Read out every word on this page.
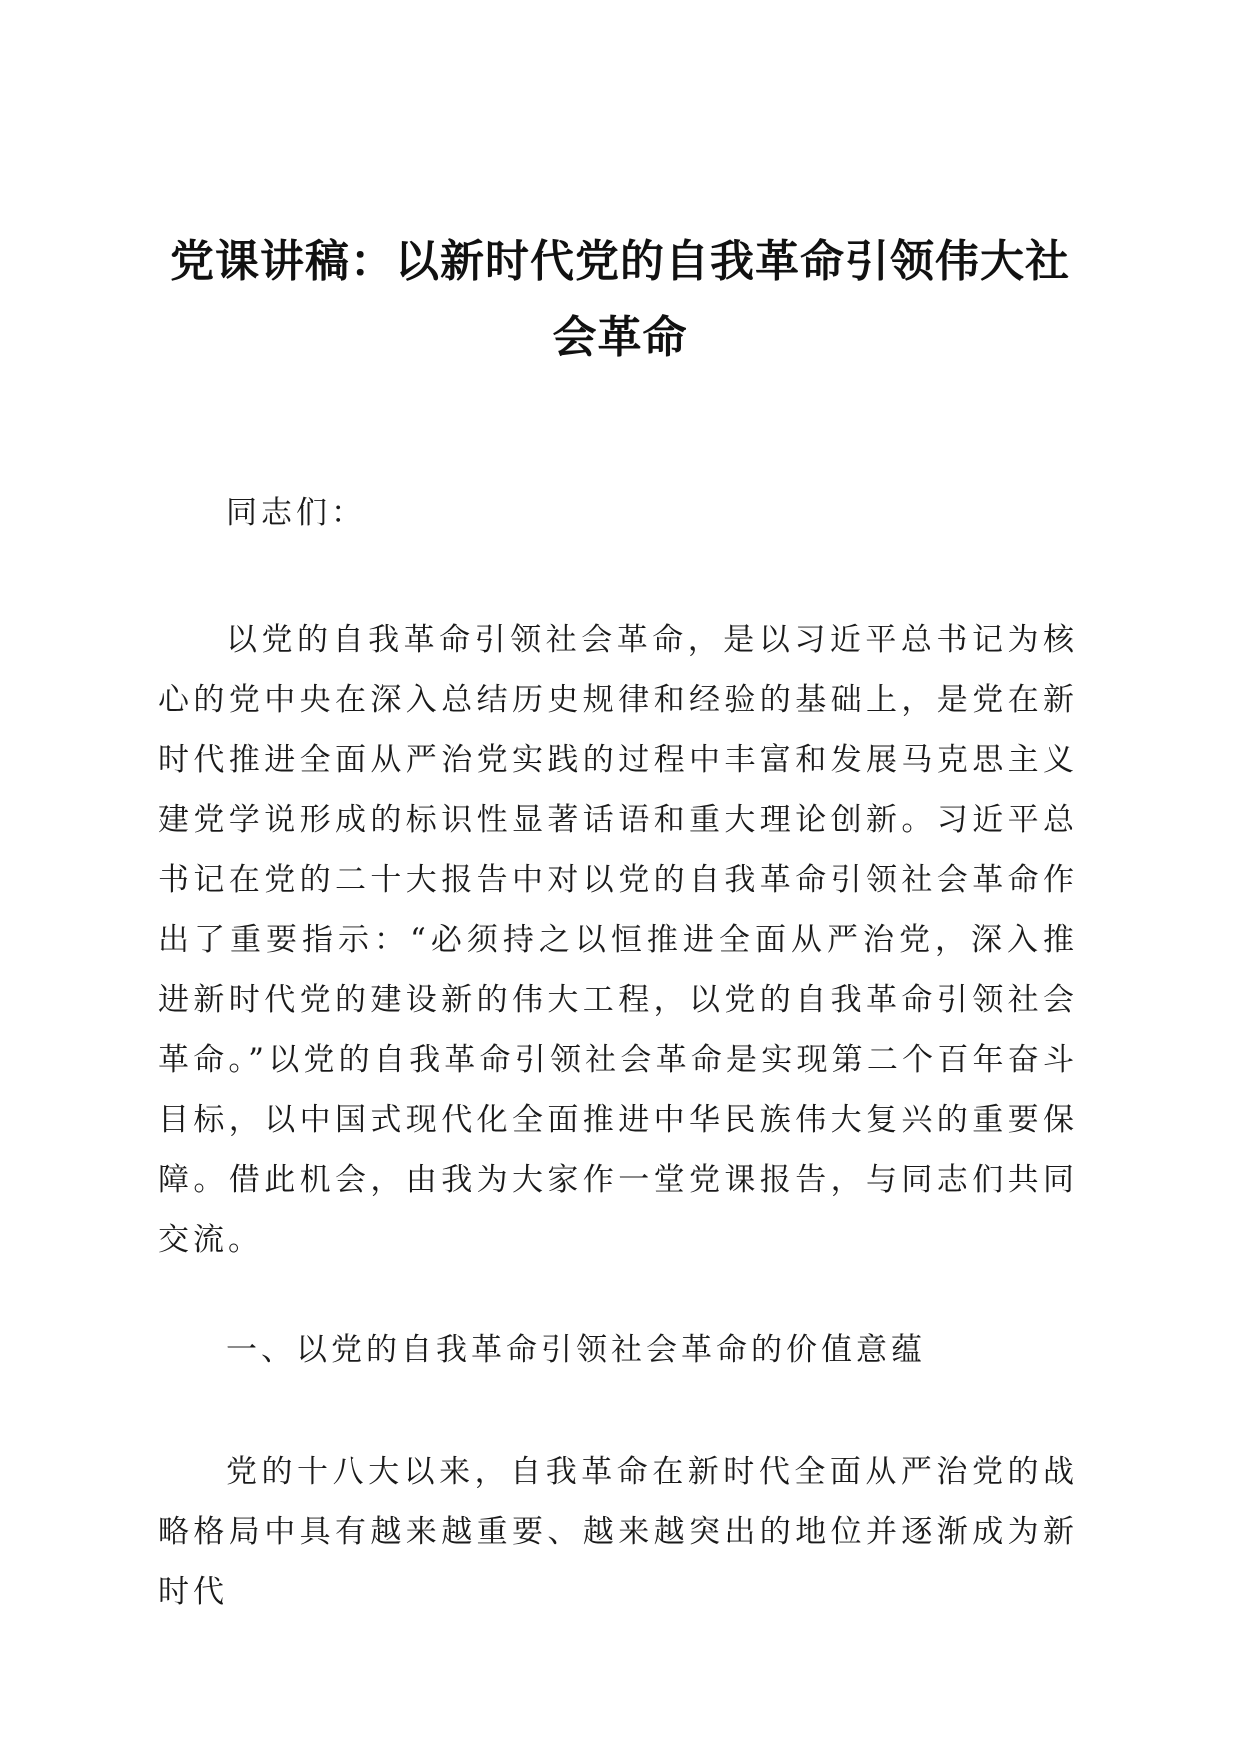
党课讲稿：以新时代党的自我革命引领伟大社会革命

同志们：

以党的自我革命引领社会革命，是以习近平总书记为核心的党中央在深入总结历史规律和经验的基础上，是党在新时代推进全面从严治党实践的过程中丰富和发展马克思主义建党学说形成的标识性显著话语和重大理论创新。习近平总书记在党的二十大报告中对以党的自我革命引领社会革命作出了重要指示：“必须持之以恒推进全面从严治党，深入推进新时代党的建设新的伟大工程，以党的自我革命引领社会革命。”以党的自我革命引领社会革命是实现第二个百年奋斗目标，以中国式现代化全面推进中华民族伟大复兴的重要保障。借此机会，由我为大家作一堂党课报告，与同志们共同交流。

一、以党的自我革命引领社会革命的价值意蕴

党的十八大以来，自我革命在新时代全面从严治党的战略格局中具有越来越重要、越来越突出的地位并逐渐成为新时代
